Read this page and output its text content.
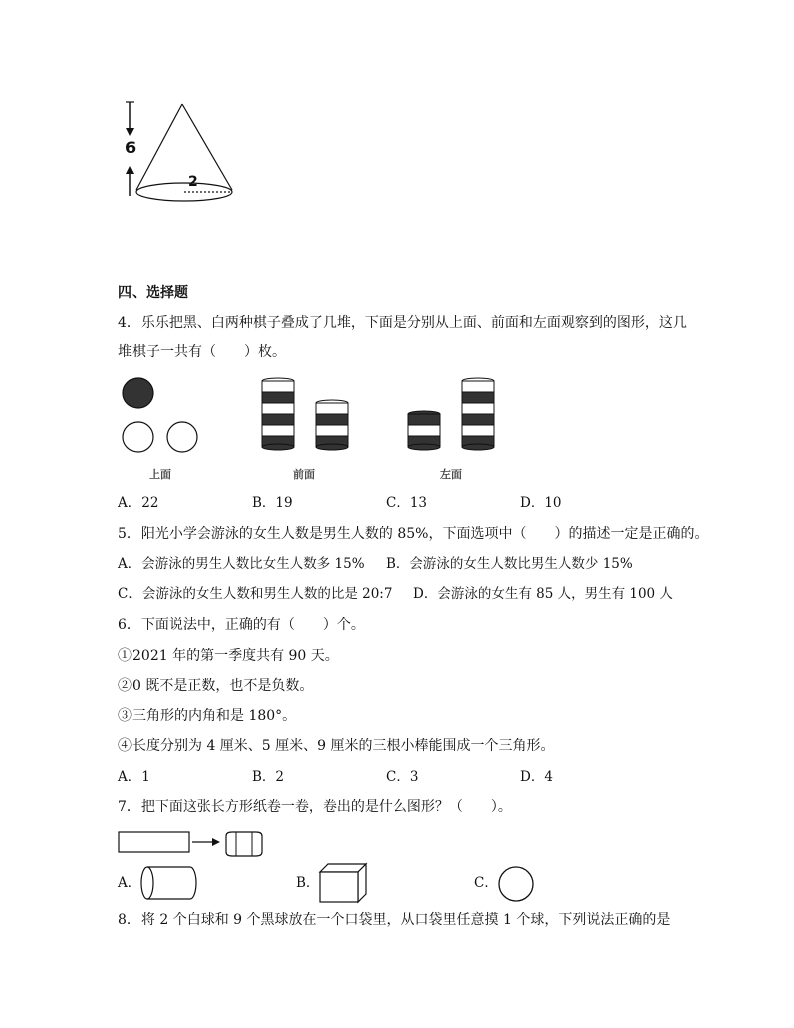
6
2
四、选择题
4．乐乐把黑、白两种棋子叠成了几堆，下面是分别从上面、前面和左面观察到的图形，这几
堆棋子一共有（　　）枚。
上面	前面	左面
A．22	B．19	C．13	D．10
5．阳光小学会游泳的女生人数是男生人数的 85%，下面选项中（　　）的描述一定是正确的。
A．会游泳的男生人数比女生人数多 15% B．会游泳的女生人数比男生人数少 15%
C．会游泳的女生人数和男生人数的比是 20:7 D．会游泳的女生有 85 人，男生有 100 人
6．下面说法中，正确的有（　　）个。
①2021 年的第一季度共有 90 天。
②0 既不是正数，也不是负数。
③三角形的内角和是 180°。
④长度分别为 4 厘米、5 厘米、9 厘米的三根小棒能围成一个三角形。
A．1	B．2	C．3	D．4
7．把下面这张长方形纸卷一卷，卷出的是什么图形？（　　）。
A．	B．	C．
8．将 2 个白球和 9 个黑球放在一个口袋里，从口袋里任意摸 1 个球，下列说法正确的是
